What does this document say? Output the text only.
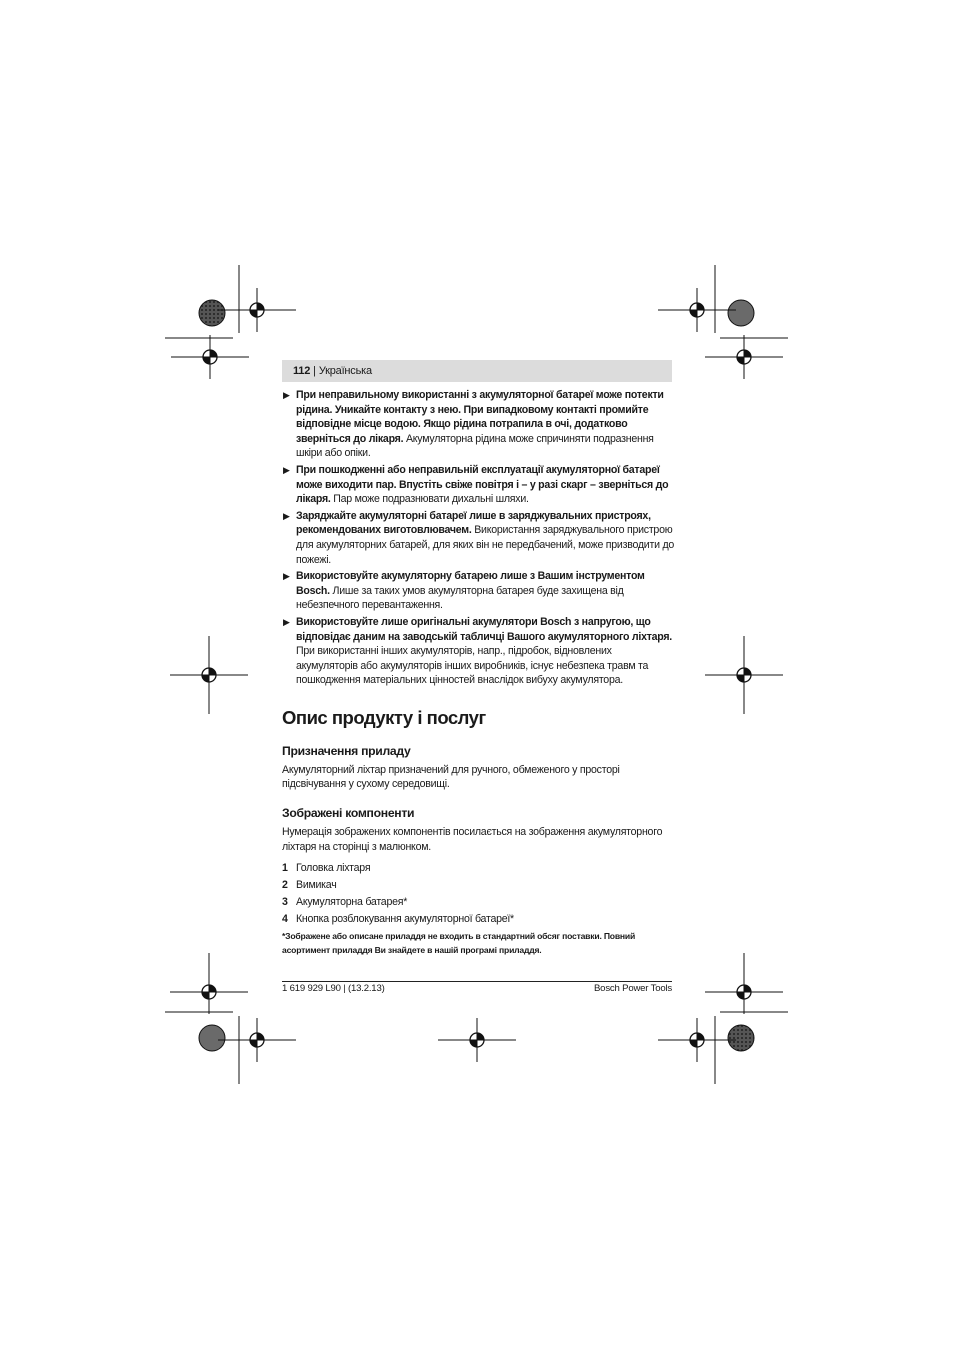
112 | Українська
▶ При неправильному використанні з акумуляторної батареї може потекти рідина. Уникайте контакту з нею. При випадковому контакті промийте відповідне місце водою. Якщо рідина потрапила в очі, додатково зверніться до лікаря. Акумуляторна рідина може спричиняти подразнення шкіри або опіки.
▶ При пошкодженні або неправильній експлуатації акумуляторної батареї може виходити пар. Впустіть свіже повітря і – у разі скарг – зверніться до лікаря. Пар може подразнювати дихальні шляхи.
▶ Заряджайте акумуляторні батареї лише в заряджувальних пристроях, рекомендованих виготовлювачем. Використання заряджувального пристрою для акумуляторних батарей, для яких він не передбачений, може призводити до пожежі.
▶ Використовуйте акумуляторну батарею лише з Вашим інструментом Bosch. Лише за таких умов акумуляторна батарея буде захищена від небезпечного перевантаження.
▶ Використовуйте лише оригінальні акумулятори Bosch з напругою, що відповідає даним на заводській табличці Вашого акумуляторного ліхтаря. При використанні інших акумуляторів, напр., підробок, відновлених акумуляторів або акумуляторів інших виробників, існує небезпека травм та пошкодження матеріальних цінностей внаслідок вибуху акумулятора.
Опис продукту і послуг
Призначення приладу

Акумуляторний ліхтар призначений для ручного, обмеженого у просторі підсвічування у сухому середовищі.

Зображені компоненти

Нумерація зображених компонентів посилається на зображення акумуляторного ліхтаря на сторінці з малюнком.

1 Головка ліхтаря
2 Вимикач
3 Акумуляторна батарея*
4 Кнопка розблокування акумуляторної батареї*

*Зображене або описане приладдя не входить в стандартний обсяг поставки. Повний асортимент приладдя Ви знайдете в нашій програмі приладдя.

1 619 929 L90 | (13.2.13)	Bosch Power Tools
